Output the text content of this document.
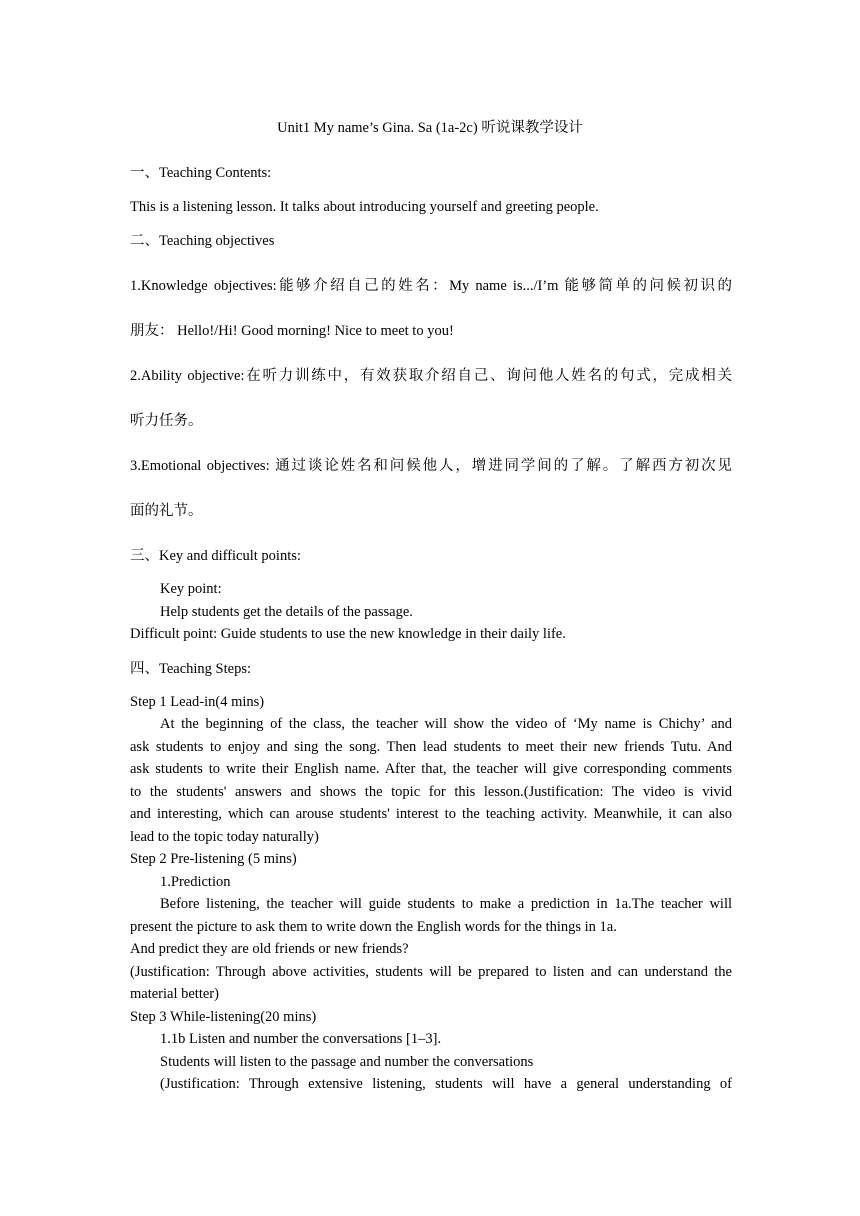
Unit1 My name’s Gina. Sa (1a-2c) 听说课教学设计
一、Teaching Contents:
This is a listening lesson. It talks about introducing yourself and greeting people.
二、Teaching objectives
1.Knowledge objectives:能够介绍自己的姓名：My name is.../I’m 能够简单的问候初识的
朋友： Hello!/Hi! Good morning! Nice to meet to you!
2.Ability objective:在听力训练中，有效获取介绍自己、询问他人姓名的句式，完成相关
听力任务。
3.Emotional objectives: 通过谈论姓名和问候他人，增进同学间的了解。了解西方初次见
面的礼节。
三、Key and difficult points:
Key point:
Help students get the details of the passage.
Difficult point: Guide students to use the new knowledge in their daily life.
四、Teaching Steps:
Step 1 Lead-in(4 mins)
At the beginning of the class, the teacher will show the video of ‘My name is Chichy’ and
ask students to enjoy and sing the song. Then lead students to meet their new friends Tutu. And
ask students to write their English name. After that, the teacher will give corresponding comments
to the students' answers and shows the topic for this lesson.(Justification: The video is vivid
and interesting, which can arouse students' interest to the teaching activity. Meanwhile, it can also
lead to the topic today naturally)
Step 2 Pre-listening (5 mins)
1.Prediction
Before listening, the teacher will guide students to make a prediction in 1a.The teacher will
present the picture to ask them to write down the English words for the things in 1a.
And predict they are old friends or new friends?
(Justification: Through above activities, students will be prepared to listen and can understand the
material better)
Step 3 While-listening(20 mins)
1.1b Listen and number the conversations [1–3].
Students will listen to the passage and number the conversations
(Justification: Through extensive listening, students will have a general understanding of
